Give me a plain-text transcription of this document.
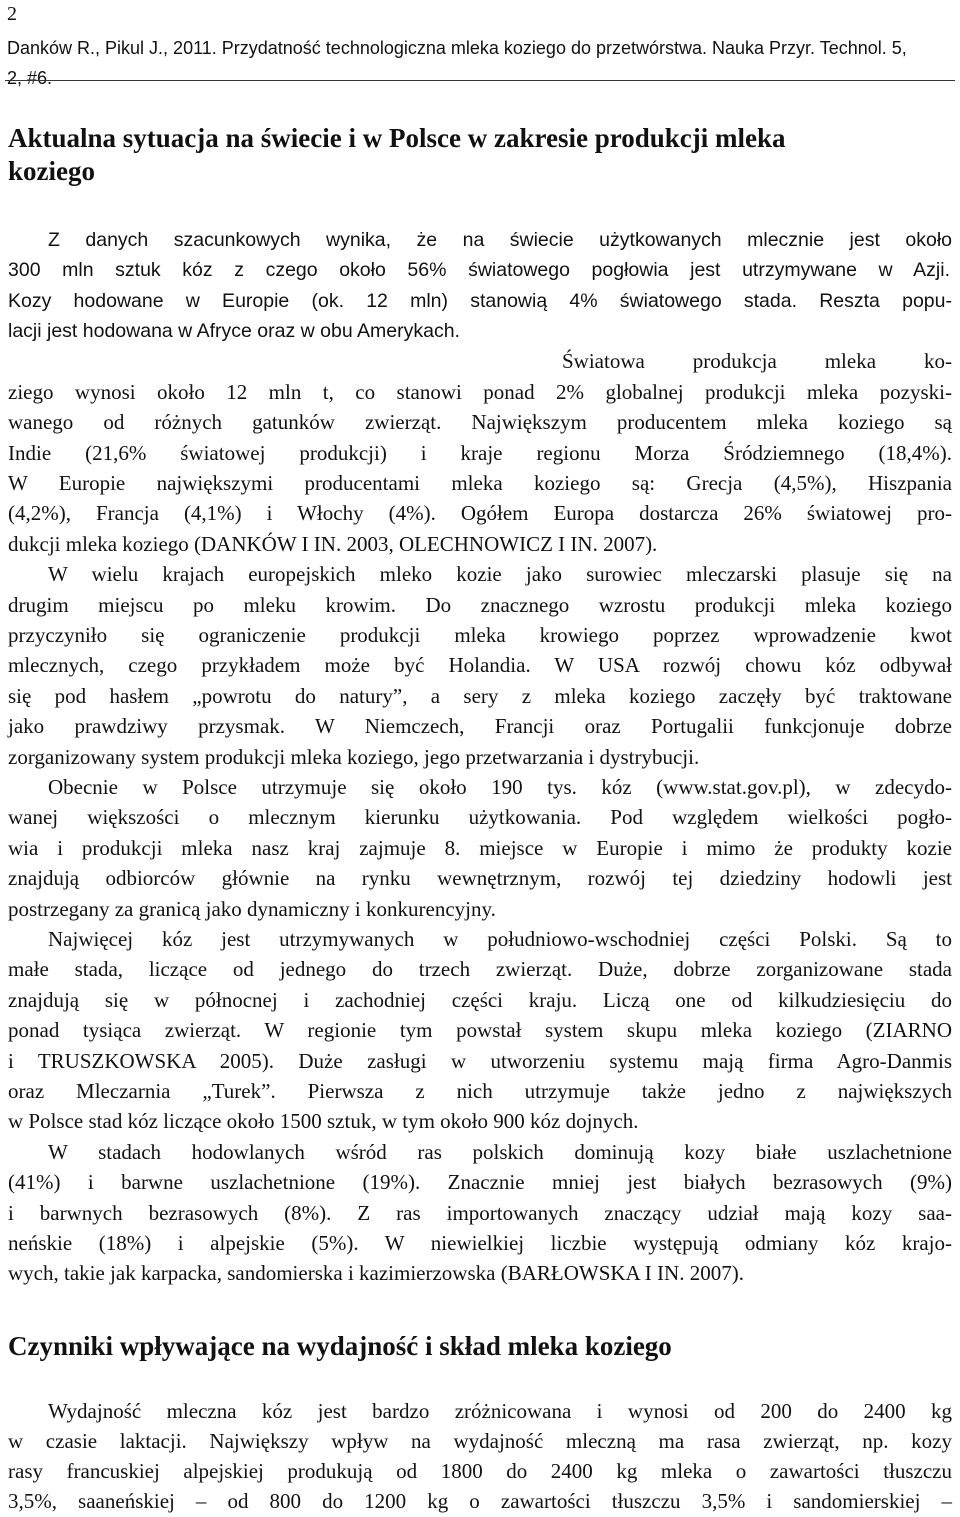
2

Danków R., Pikul J., 2011. Przydatność technologiczna mleka koziego do przetwórstwa. Nauka Przyr. Technol. 5,
2, #6.

Aktualna sytuacja na świecie i w Polsce w zakresie produkcji mleka
koziego
Z danych szacunkowych wynika, że na świecie użytkowanych mlecznie jest około
300 mln sztuk kóz z czego około 56% światowego pogłowia jest utrzymywane w Azji.
Kozy hodowane w Europie (ok. 12 mln) stanowią 4% światowego stada. Reszta popu-
lacji jest hodowana w Afryce oraz w obu Amerykach.
Światowa produkcja mleka ko-
ziego wynosi około 12 mln t, co stanowi ponad 2% globalnej produkcji mleka pozyski-
wanego od różnych gatunków zwierząt. Największym producentem mleka koziego są
Indie (21,6% światowej produkcji) i kraje regionu Morza Śródziemnego (18,4%).
W Europie największymi producentami mleka koziego są: Grecja (4,5%), Hiszpania
(4,2%), Francja (4,1%) i Włochy (4%). Ogółem Europa dostarcza 26% światowej pro-
dukcji mleka koziego (DANKÓW I IN. 2003, OLECHNOWICZ I IN. 2007).
W wielu krajach europejskich mleko kozie jako surowiec mleczarski plasuje się na
drugim miejscu po mleku krowim. Do znacznego wzrostu produkcji mleka koziego
przyczyniło się ograniczenie produkcji mleka krowiego poprzez wprowadzenie kwot
mlecznych, czego przykładem może być Holandia. W USA rozwój chowu kóz odbywał
się pod hasłem „powrotu do natury”, a sery z mleka koziego zaczęły być traktowane
jako prawdziwy przysmak. W Niemczech, Francji oraz Portugalii funkcjonuje dobrze
zorganizowany system produkcji mleka koziego, jego przetwarzania i dystrybucji.
Obecnie w Polsce utrzymuje się około 190 tys. kóz (www.stat.gov.pl), w zdecydo-
wanej większości o mlecznym kierunku użytkowania. Pod względem wielkości pogło-
wia i produkcji mleka nasz kraj zajmuje 8. miejsce w Europie i mimo że produkty kozie
znajdują odbiorców głównie na rynku wewnętrznym, rozwój tej dziedziny hodowli jest
postrzegany za granicą jako dynamiczny i konkurencyjny.
Najwięcej kóz jest utrzymywanych w południowo-wschodniej części Polski. Są to
małe stada, liczące od jednego do trzech zwierząt. Duże, dobrze zorganizowane stada
znajdują się w północnej i zachodniej części kraju. Liczą one od kilkudziesięciu do
ponad tysiąca zwierząt. W regionie tym powstał system skupu mleka koziego (ZIARNO
i TRUSZKOWSKA 2005). Duże zasługi w utworzeniu systemu mają firma Agro-Danmis
oraz Mleczarnia „Turek”. Pierwsza z nich utrzymuje także jedno z największych
w Polsce stad kóz liczące około 1500 sztuk, w tym około 900 kóz dojnych.
W stadach hodowlanych wśród ras polskich dominują kozy białe uszlachetnione
(41%) i barwne uszlachetnione (19%). Znacznie mniej jest białych bezrasowych (9%)
i barwnych bezrasowych (8%). Z ras importowanych znaczący udział mają kozy saa-
neńskie (18%) i alpejskie (5%). W niewielkiej liczbie występują odmiany kóz krajo-
wych, takie jak karpacka, sandomierska i kazimierzowska (BARŁOWSKA I IN. 2007).
Czynniki wpływające na wydajność i skład mleka koziego
Wydajność mleczna kóz jest bardzo zróżnicowana i wynosi od 200 do 2400 kg
w czasie laktacji. Największy wpływ na wydajność mleczną ma rasa zwierząt, np. kozy
rasy francuskiej alpejskiej produkują od 1800 do 2400 kg mleka o zawartości tłuszczu
3,5%, saaneńskiej – od 800 do 1200 kg o zawartości tłuszczu 3,5% i sandomierskiej –
